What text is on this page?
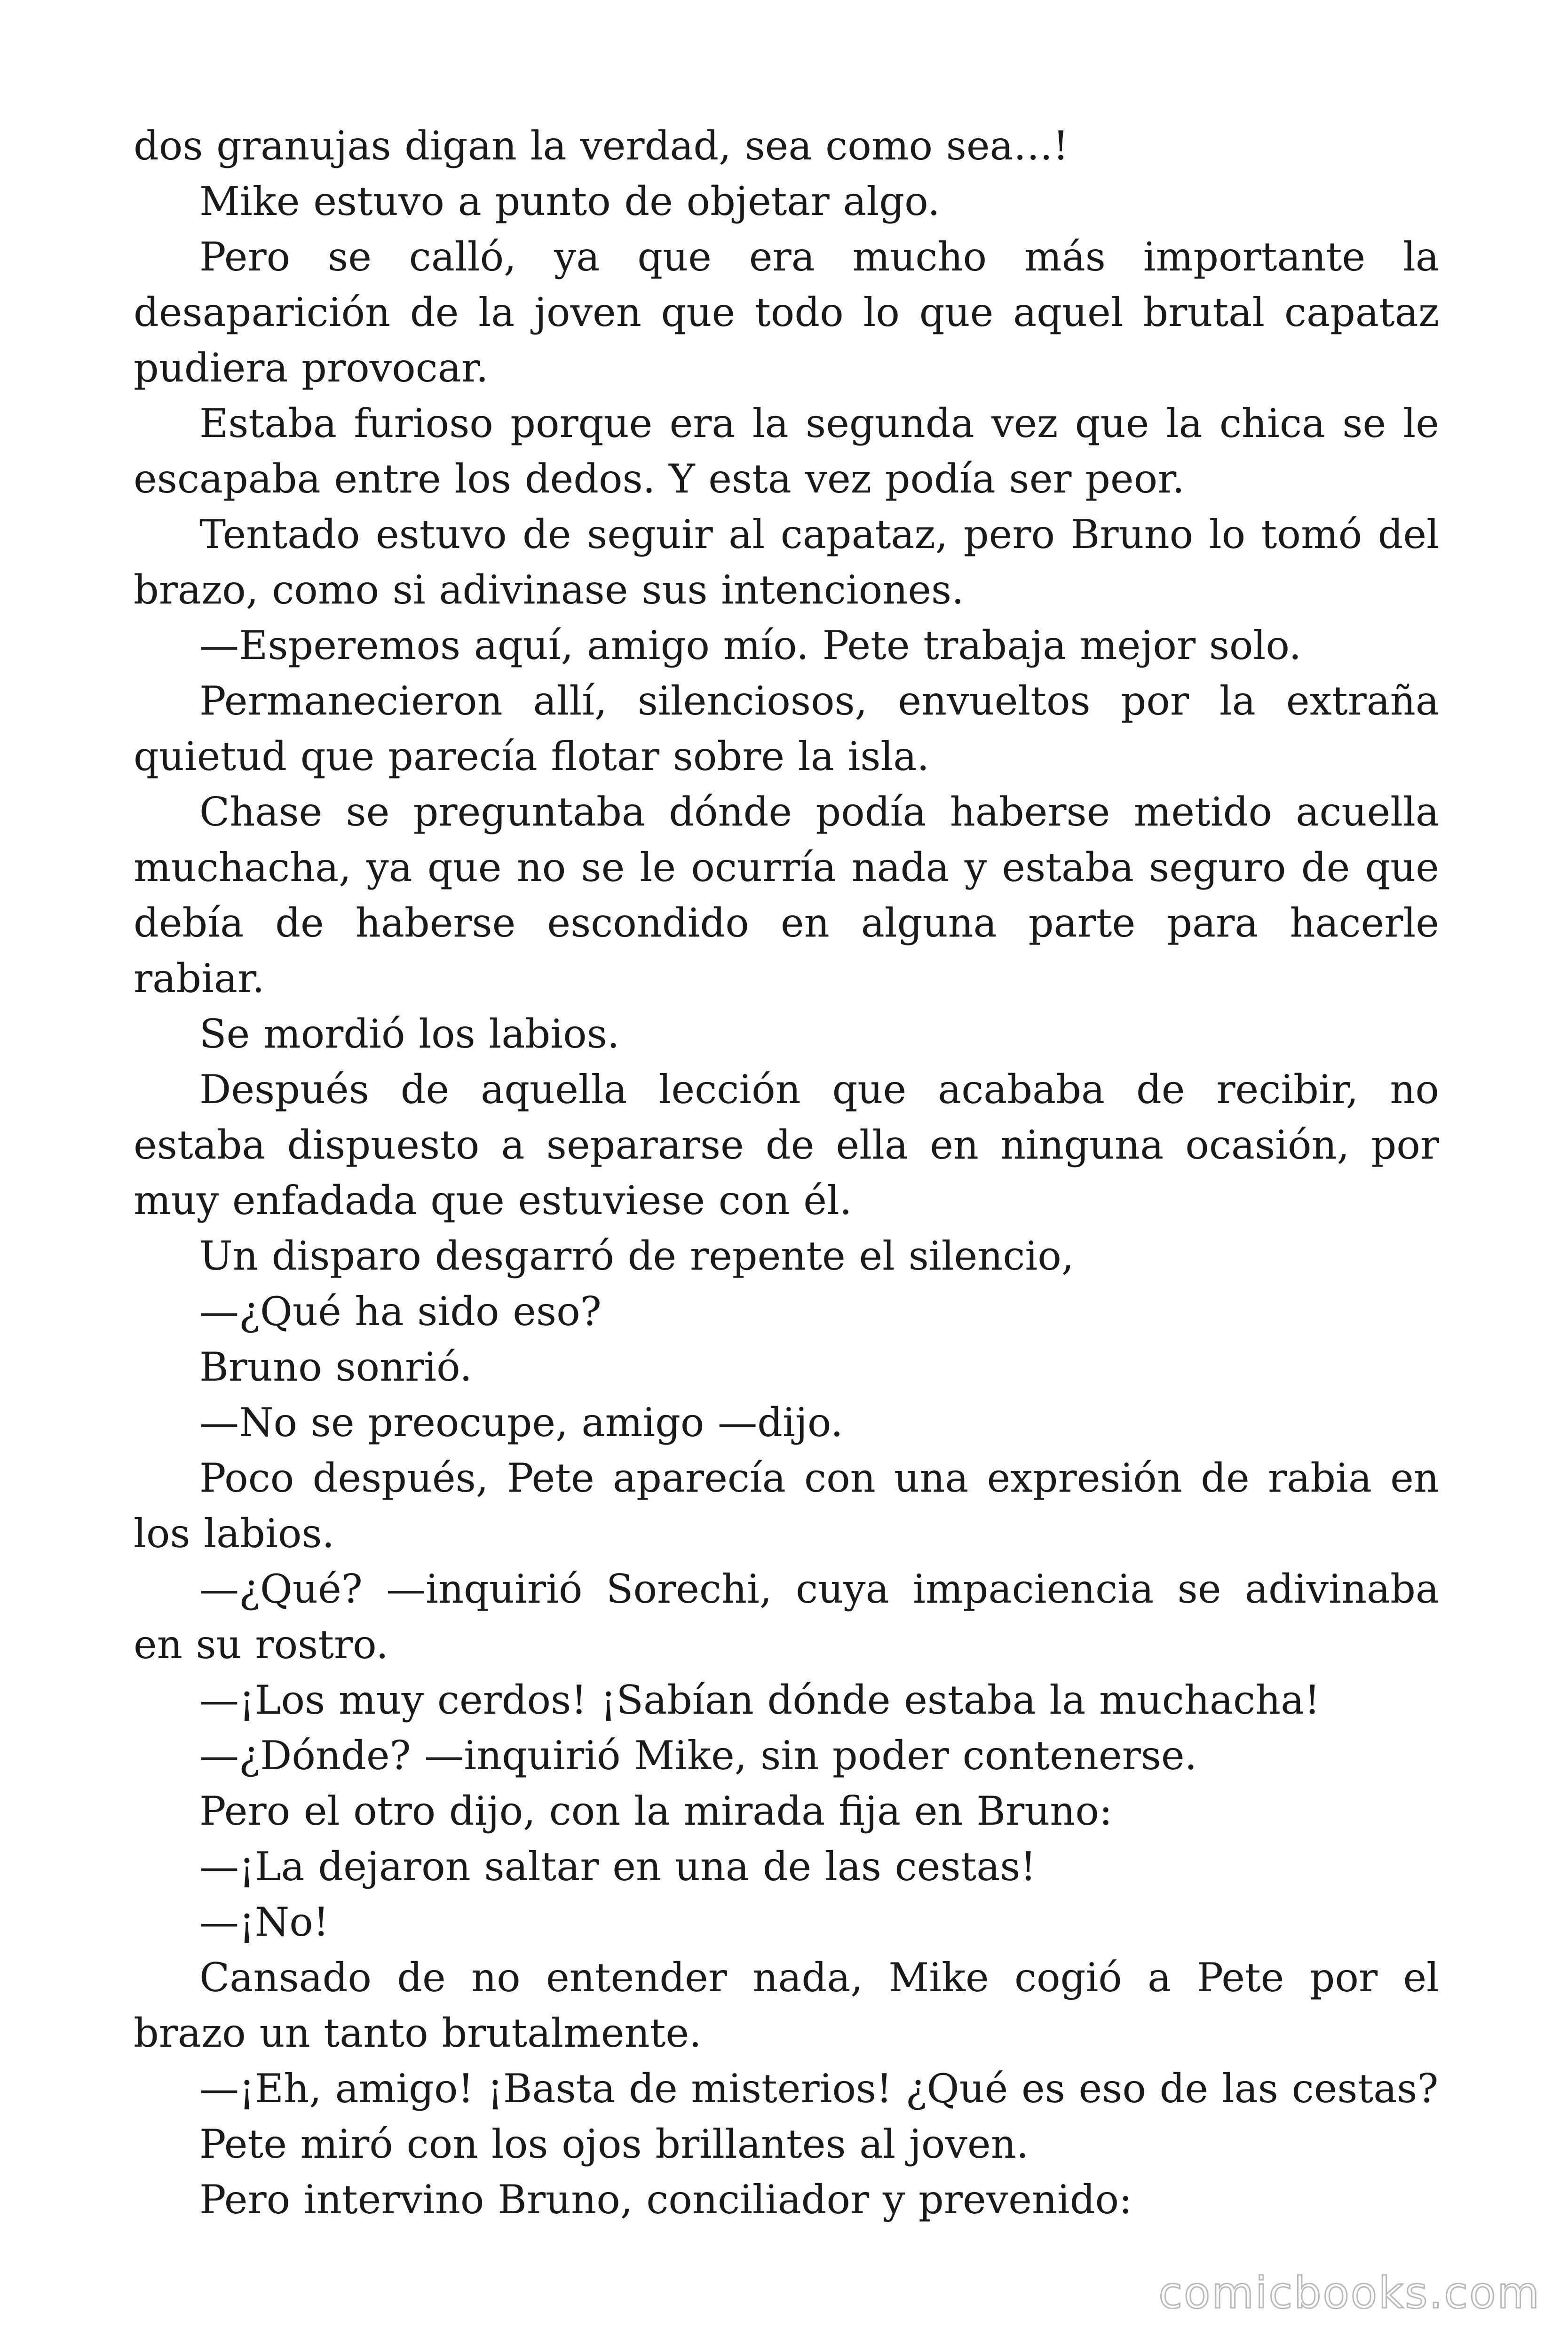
dos granujas digan la verdad, sea como sea…!

Mike estuvo a punto de objetar algo.

Pero se calló, ya que era mucho más importante la desaparición de la joven que todo lo que aquel brutal capataz pudiera provocar.

Estaba furioso porque era la segunda vez que la chica se le escapaba entre los dedos. Y esta vez podía ser peor.

Tentado estuvo de seguir al capataz, pero Bruno lo tomó del brazo, como si adivinase sus intenciones.

—Esperemos aquí, amigo mío. Pete trabaja mejor solo.

Permanecieron allí, silenciosos, envueltos por la extraña quietud que parecía flotar sobre la isla.

Chase se preguntaba dónde podía haberse metido acuella muchacha, ya que no se le ocurría nada y estaba seguro de que debía de haberse escondido en alguna parte para hacerle rabiar.

Se mordió los labios.

Después de aquella lección que acababa de recibir, no estaba dispuesto a separarse de ella en ninguna ocasión, por muy enfadada que estuviese con él.

Un disparo desgarró de repente el silencio,

—¿Qué ha sido eso?

Bruno sonrió.

—No se preocupe, amigo —dijo.

Poco después, Pete aparecía con una expresión de rabia en los labios.

—¿Qué? —inquirió Sorechi, cuya impaciencia se adivinaba en su rostro.

—¡Los muy cerdos! ¡Sabían dónde estaba la muchacha!

—¿Dónde? —inquirió Mike, sin poder contenerse.

Pero el otro dijo, con la mirada fija en Bruno:

—¡La dejaron saltar en una de las cestas!

—¡No!

Cansado de no entender nada, Mike cogió a Pete por el brazo un tanto brutalmente.

—¡Eh, amigo! ¡Basta de misterios! ¿Qué es eso de las cestas?

Pete miró con los ojos brillantes al joven.

Pero intervino Bruno, conciliador y prevenido:

comicbooks.com
